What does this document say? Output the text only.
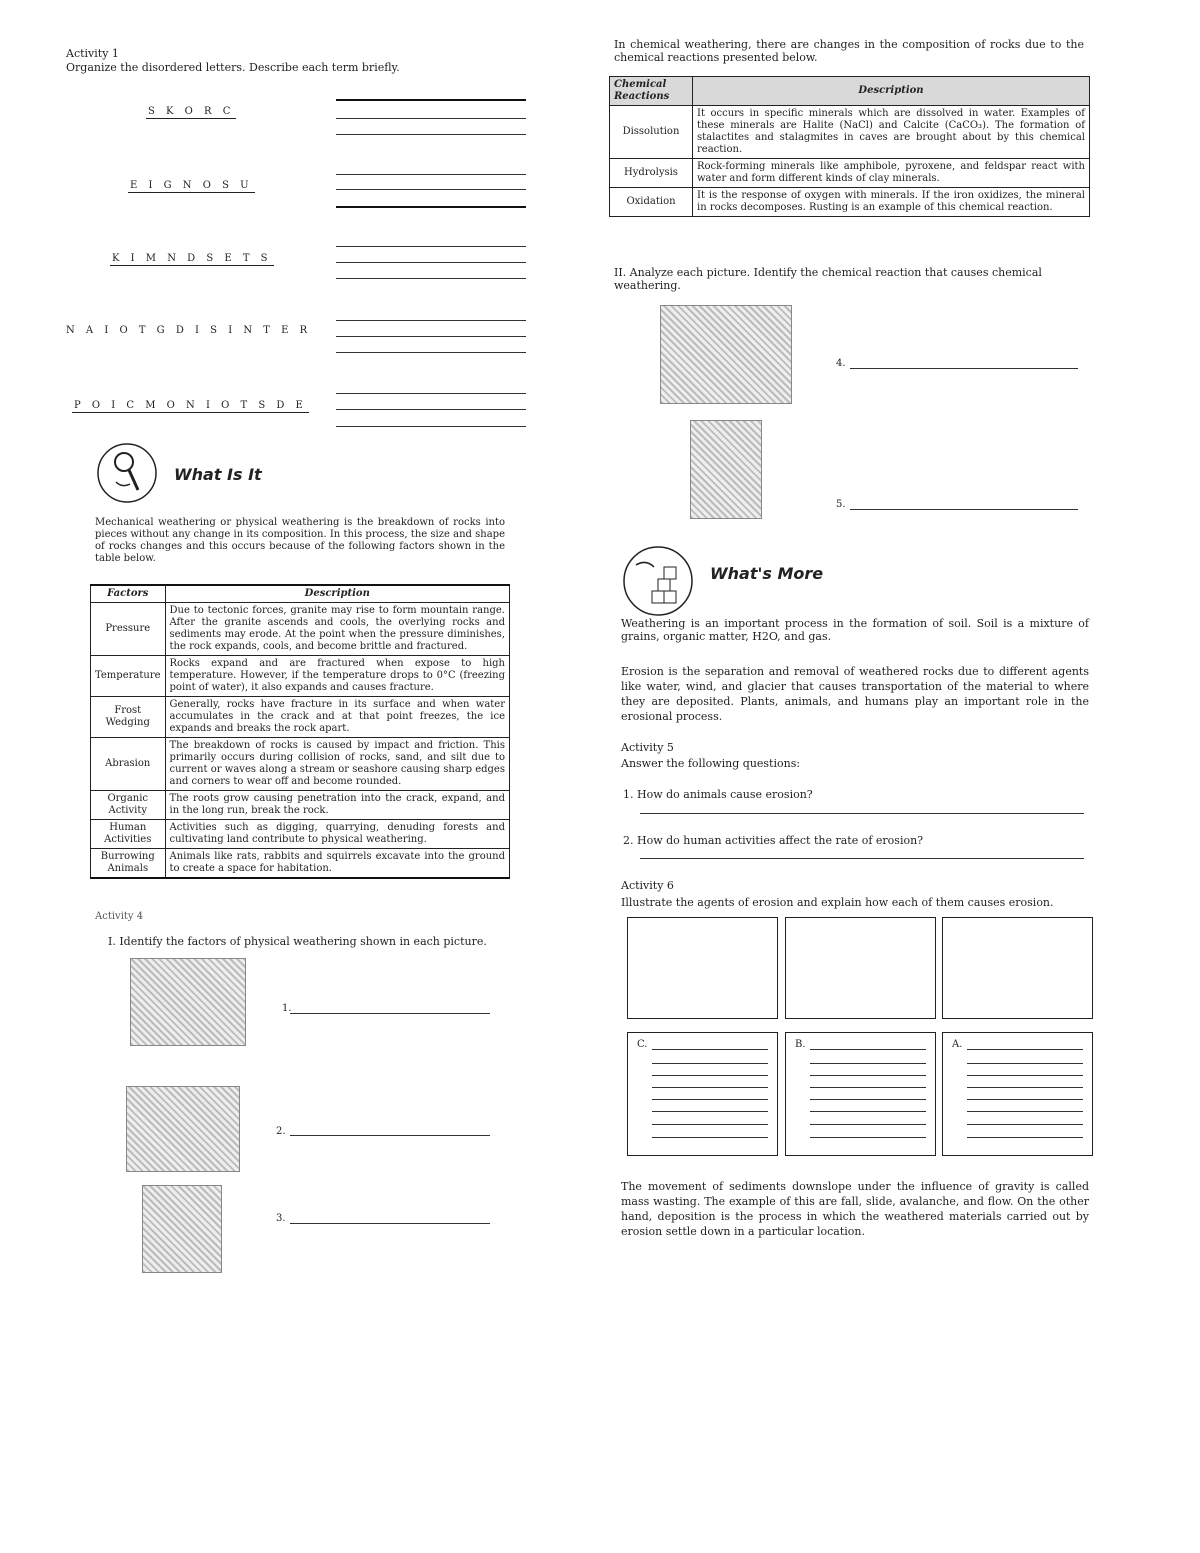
Activity 1
Organize the disordered letters. Describe each term briefly.
S K O R C
E I G N O S U
K I M N D S E T S
N A I O T G D I S I N T E R
P O I C M O N I O T S D E
What Is It
Mechanical weathering or physical weathering is the breakdown of rocks into pieces without any change in its composition. In this process, the size and shape of rocks changes and this occurs because of the following factors shown in the table below.
Factors	Description
Pressure	Due to tectonic forces, granite may rise to form mountain range. After the granite ascends and cools, the overlying rocks and sediments may erode. At the point when the pressure diminishes, the rock expands, cools, and become brittle and fractured.
Temperature	Rocks expand and are fractured when expose to high temperature. However, if the temperature drops to 0°C (freezing point of water), it also expands and causes fracture.
Frost Wedging	Generally, rocks have fracture in its surface and when water accumulates in the crack and at that point freezes, the ice expands and breaks the rock apart.
Abrasion	The breakdown of rocks is caused by impact and friction. This primarily occurs during collision of rocks, sand, and silt due to current or waves along a stream or seashore causing sharp edges and corners to wear off and become rounded.
Organic Activity	The roots grow causing penetration into the crack, expand, and in the long run, break the rock.
Human Activities	Activities such as digging, quarrying, denuding forests and cultivating land contribute to physical weathering.
Burrowing Animals	Animals like rats, rabbits and squirrels excavate into the ground to create a space for habitation.
Activity 4
I. Identify the factors of physical weathering shown in each picture.
1.
2.
3.
In chemical weathering, there are changes in the composition of rocks due to the chemical reactions presented below.
Chemical Reactions	Description
Dissolution	It occurs in specific minerals which are dissolved in water. Examples of these minerals are Halite (NaCl) and Calcite (CaCO₃). The formation of stalactites and stalagmites in caves are brought about by this chemical reaction.
Hydrolysis	Rock-forming minerals like amphibole, pyroxene, and feldspar react with water and form different kinds of clay minerals.
Oxidation	It is the response of oxygen with minerals. If the iron oxidizes, the mineral in rocks decomposes. Rusting is an example of this chemical reaction.
II. Analyze each picture. Identify the chemical reaction that causes chemical weathering.
4.
5.
What's More
Weathering is an important process in the formation of soil. Soil is a mixture of grains, organic matter, H2O, and gas.
Erosion is the separation and removal of weathered rocks due to different agents like water, wind, and glacier that causes transportation of the material to where they are deposited. Plants, animals, and humans play an important role in the erosional process.
Activity 5
Answer the following questions:
1. How do animals cause erosion?
2. How do human activities affect the rate of erosion?
Activity 6
Illustrate the agents of erosion and explain how each of them causes erosion.
C.	B.	A.
The movement of sediments downslope under the influence of gravity is called mass wasting. The example of this are fall, slide, avalanche, and flow. On the other hand, deposition is the process in which the weathered materials carried out by erosion settle down in a particular location.
